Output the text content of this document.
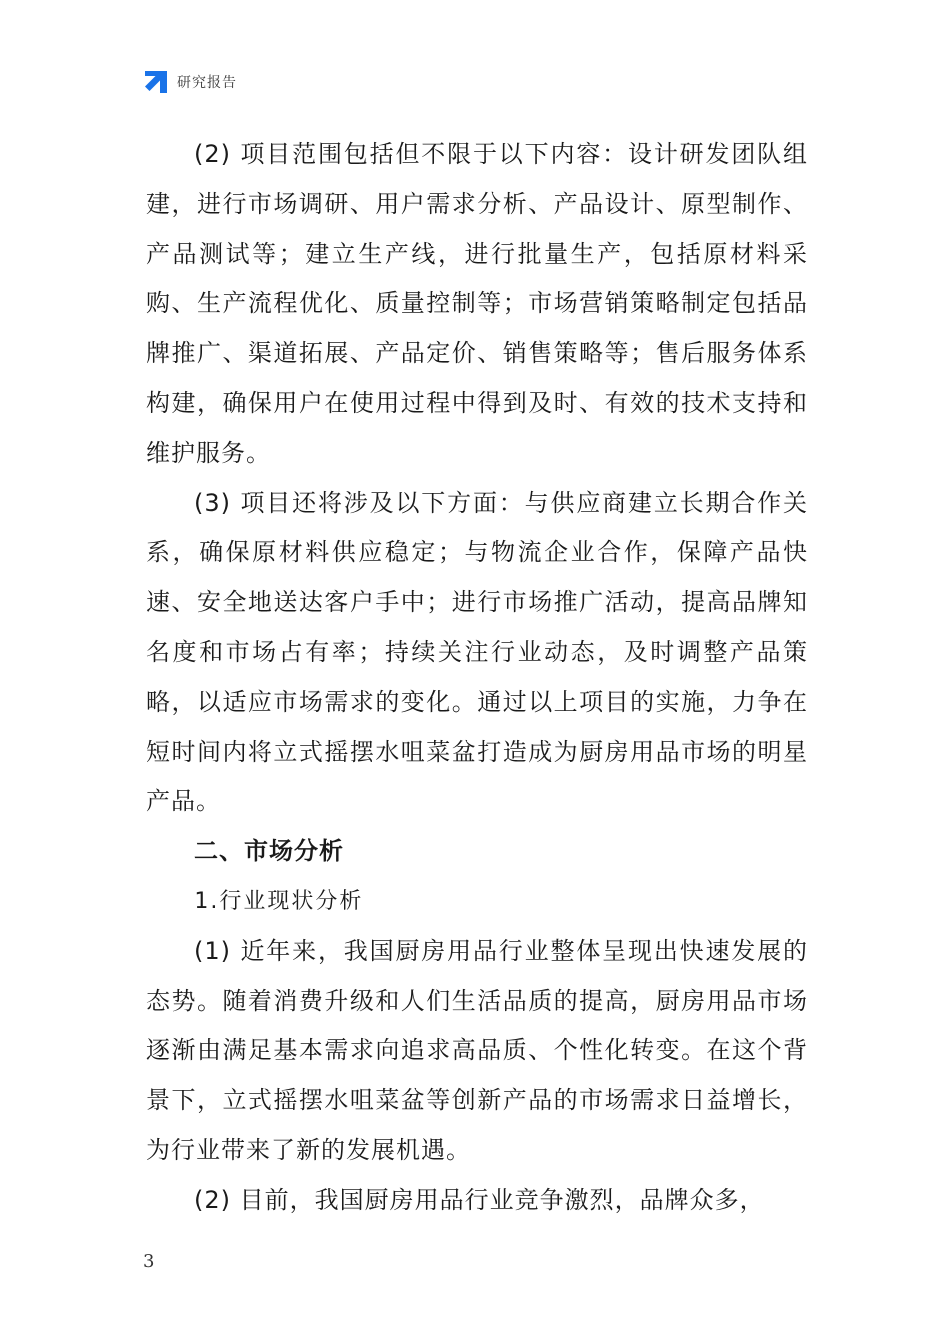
研究报告

(2) 项目范围包括但不限于以下内容：设计研发团队组建，进行市场调研、用户需求分析、产品设计、原型制作、产品测试等；建立生产线，进行批量生产，包括原材料采购、生产流程优化、质量控制等；市场营销策略制定包括品牌推广、渠道拓展、产品定价、销售策略等；售后服务体系构建，确保用户在使用过程中得到及时、有效的技术支持和维护服务。

(3) 项目还将涉及以下方面：与供应商建立长期合作关系，确保原材料供应稳定；与物流企业合作，保障产品快速、安全地送达客户手中；进行市场推广活动，提高品牌知名度和市场占有率；持续关注行业动态，及时调整产品策略，以适应市场需求的变化。通过以上项目的实施，力争在短时间内将立式摇摆水咀菜盆打造成为厨房用品市场的明星产品。

二、市场分析

1.行业现状分析

(1) 近年来，我国厨房用品行业整体呈现出快速发展的态势。随着消费升级和人们生活品质的提高，厨房用品市场逐渐由满足基本需求向追求高品质、个性化转变。在这个背景下，立式摇摆水咀菜盆等创新产品的市场需求日益增长，为行业带来了新的发展机遇。

(2) 目前，我国厨房用品行业竞争激烈，品牌众多，

3
